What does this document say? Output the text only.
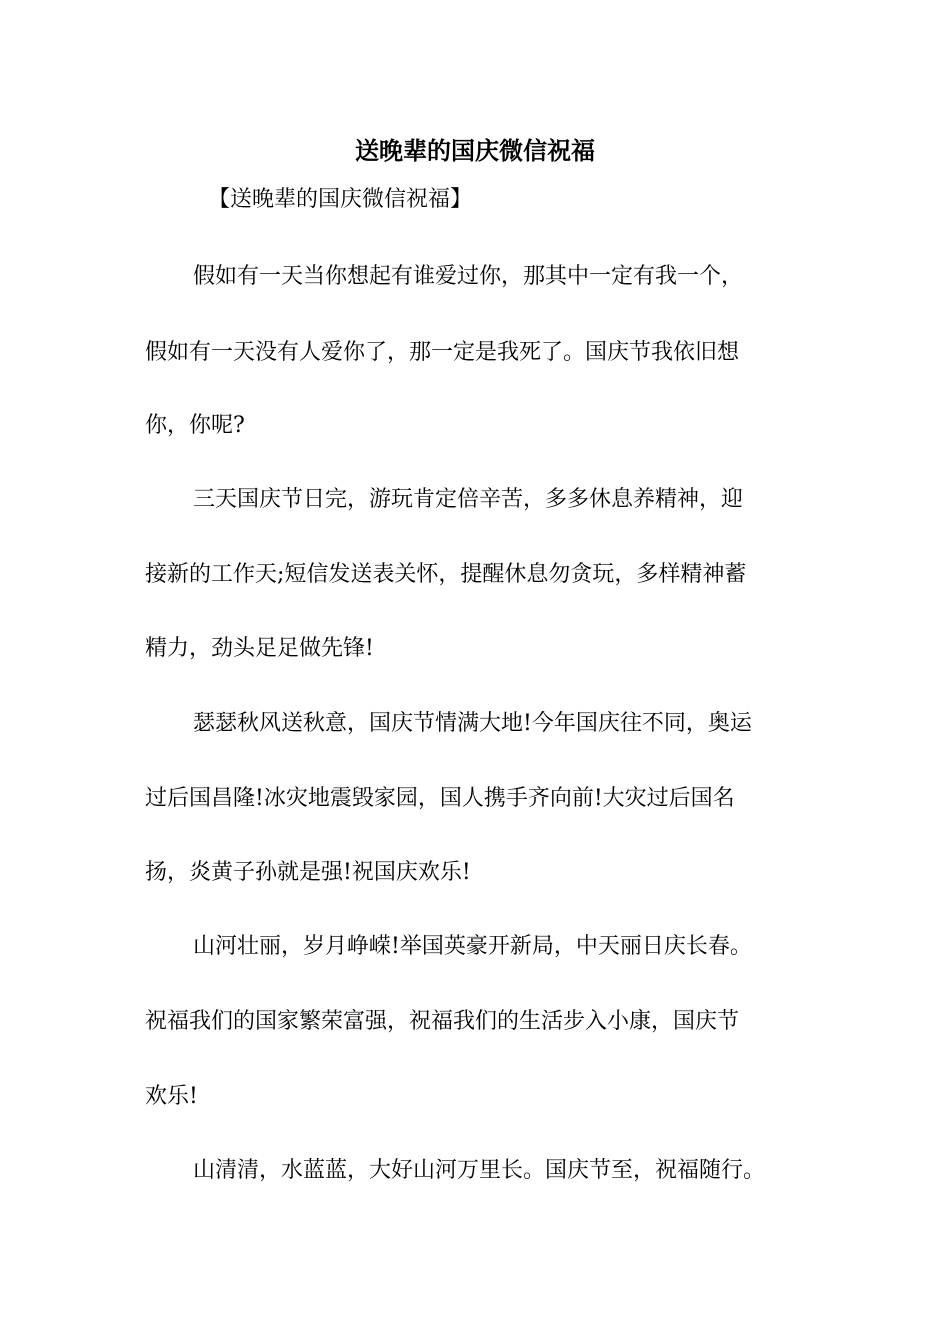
送晚辈的国庆微信祝福
【送晚辈的国庆微信祝福】
假如有一天当你想起有谁爱过你，那其中一定有我一个，
假如有一天没有人爱你了，那一定是我死了。国庆节我依旧想
你，你呢?
三天国庆节日完，游玩肯定倍辛苦，多多休息养精神，迎
接新的工作天;短信发送表关怀，提醒休息勿贪玩，多样精神蓄
精力，劲头足足做先锋!
瑟瑟秋风送秋意，国庆节情满大地!今年国庆往不同，奥运
过后国昌隆!冰灾地震毁家园，国人携手齐向前!大灾过后国名
扬，炎黄子孙就是强!祝国庆欢乐!
山河壮丽，岁月峥嵘!举国英豪开新局，中天丽日庆长春。
祝福我们的国家繁荣富强，祝福我们的生活步入小康，国庆节
欢乐!
山清清，水蓝蓝，大好山河万里长。国庆节至，祝福随行。
